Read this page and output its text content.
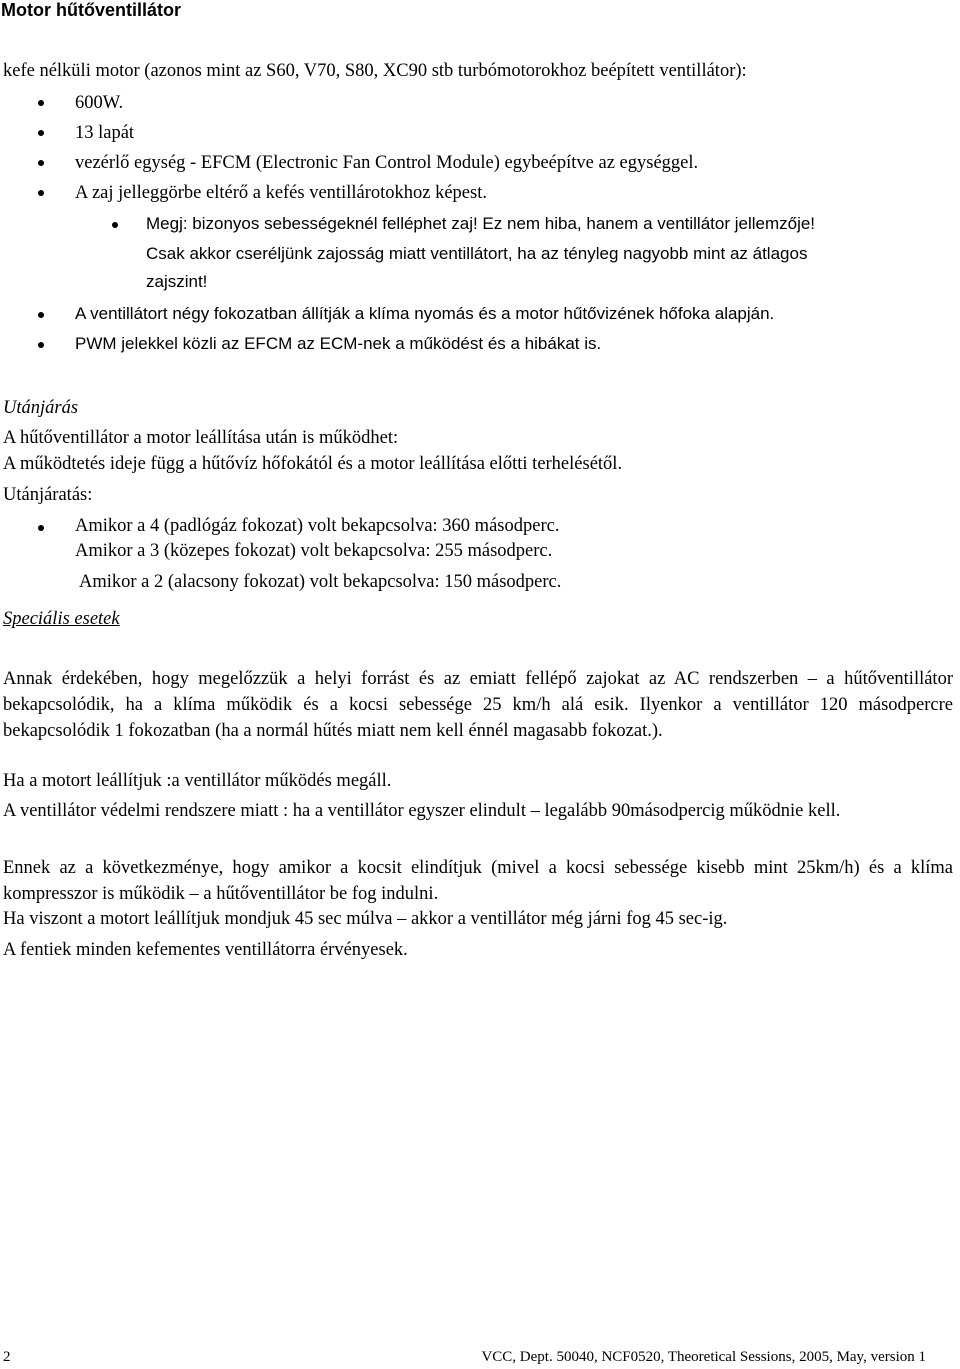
Motor hűtőventillátor
kefe nélküli motor (azonos mint az S60, V70, S80, XC90 stb turbómotorokhoz beépített ventillátor):
600W.
13 lapát
vezérlő egység - EFCM (Electronic Fan Control Module) egybeépítve az egységgel.
A zaj jelleggörbe eltérő a kefés ventillárotokhoz képest.
Megj: bizonyos sebességeknél felléphet zaj! Ez nem hiba, hanem a ventillátor jellemzője!
Csak akkor cseréljünk zajosság miatt ventillátort, ha az tényleg nagyobb mint az átlagos
zajszint!
A ventillátort négy fokozatban állítják a klíma nyomás és a motor hűtővizének hőfoka alapján.
PWM jelekkel közli az EFCM az ECM-nek a működést és a hibákat is.
Utánjárás
A hűtőventillátor a motor leállítása után is működhet:
A működtetés ideje függ a hűtővíz hőfokától és a motor leállítása előtti terhelésétől.
Utánjáratás:
Amikor a 4 (padlógáz fokozat) volt bekapcsolva: 360 másodperc.
Amikor a 3 (közepes fokozat) volt bekapcsolva: 255 másodperc.
Amikor a 2 (alacsony fokozat) volt bekapcsolva: 150 másodperc.
Speciális esetek
Annak érdekében, hogy megelőzzük a helyi forrást és az emiatt fellépő zajokat az AC rendszerben – a hűtőventillátor bekapcsolódik, ha a klíma működik és a kocsi sebessége 25 km/h alá esik. Ilyenkor a ventillátor 120 másodpercre bekapcsolódik 1 fokozatban (ha a normál hűtés miatt nem kell énnél magasabb fokozat.).
Ha a motort leállítjuk :a ventillátor működés megáll.
A ventillátor védelmi rendszere miatt : ha a ventillátor egyszer elindult – legalább 90másodpercig működnie kell.
Ennek az a következménye, hogy amikor a kocsit elindítjuk (mivel a kocsi sebessége kisebb mint 25km/h) és a klíma kompresszor is működik – a hűtőventillátor be fog indulni.
Ha viszont a motort leállítjuk mondjuk 45 sec múlva – akkor a ventillátor még járni fog 45 sec-ig.
A fentiek minden kefementes ventillátorra érvényesek.
2	VCC, Dept. 50040, NCF0520, Theoretical Sessions, 2005, May, version 1
